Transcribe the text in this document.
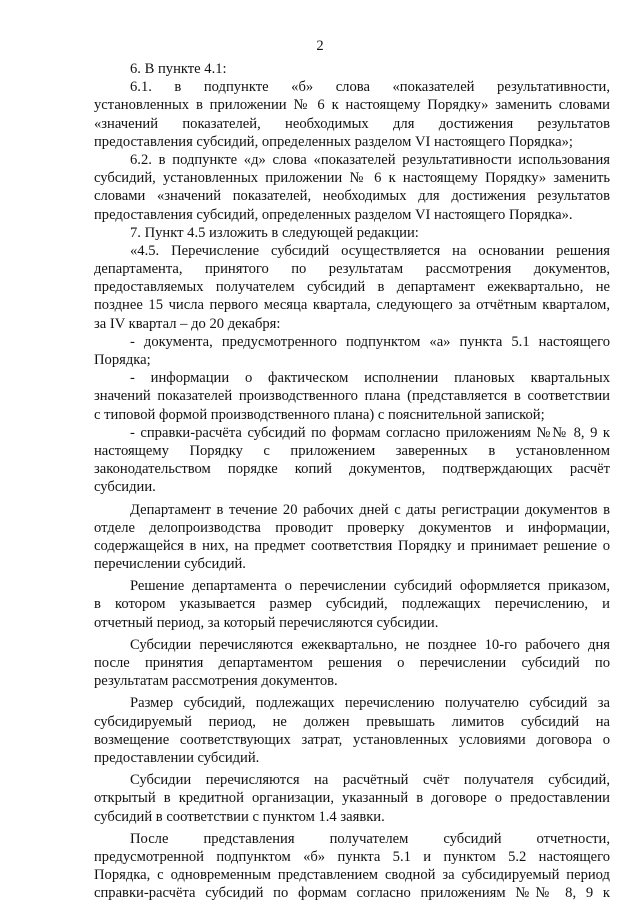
2
6. В пункте 4.1:
6.1. в подпункте «б» слова «показателей результативности,
установленных в приложении № 6 к настоящему Порядку» заменить словами
«значений показателей, необходимых для достижения результатов
предоставления субсидий, определенных разделом VI настоящего Порядка»;
6.2. в подпункте «д» слова «показателей результативности использования
субсидий, установленных приложении № 6 к настоящему Порядку» заменить
словами «значений показателей, необходимых для достижения результатов
предоставления субсидий, определенных разделом VI настоящего Порядка».
7. Пункт 4.5 изложить в следующей редакции:
«4.5. Перечисление субсидий осуществляется на основании решения
департамента, принятого по результатам рассмотрения документов,
предоставляемых получателем субсидий в департамент ежеквартально, не
позднее 15 числа первого месяца квартала, следующего за отчётным кварталом,
за IV квартал – до 20 декабря:
- документа, предусмотренного подпунктом «а» пункта 5.1 настоящего
Порядка;
- информации о фактическом исполнении плановых квартальных
значений показателей производственного плана (представляется в соответствии
с типовой формой производственного плана) с пояснительной запиской;
- справки-расчёта субсидий по формам согласно приложениям №№ 8, 9 к
настоящему Порядку с приложением заверенных в установленном
законодательством порядке копий документов, подтверждающих расчёт
субсидии.
Департамент в течение 20 рабочих дней с даты регистрации документов в
отделе делопроизводства проводит проверку документов и информации,
содержащейся в них, на предмет соответствия Порядку и принимает решение о
перечислении субсидий.
Решение департамента о перечислении субсидий оформляется приказом,
в котором указывается размер субсидий, подлежащих перечислению, и
отчетный период, за который перечисляются субсидии.
Субсидии перечисляются ежеквартально, не позднее 10-го рабочего дня
после принятия департаментом решения о перечислении субсидий по
результатам рассмотрения документов.
Размер субсидий, подлежащих перечислению получателю субсидий за
субсидируемый период, не должен превышать лимитов субсидий на
возмещение соответствующих затрат, установленных условиями договора о
предоставлении субсидий.
Субсидии перечисляются на расчётный счёт получателя субсидий,
открытый в кредитной организации, указанный в договоре о предоставлении
субсидий в соответствии с пунктом 1.4 заявки.
После представления получателем субсидий отчетности,
предусмотренной подпунктом «б» пункта 5.1 и пунктом 5.2 настоящего
Порядка, с одновременным представлением сводной за субсидируемый период
справки-расчёта субсидий по формам согласно приложениям №№ 8, 9 к
